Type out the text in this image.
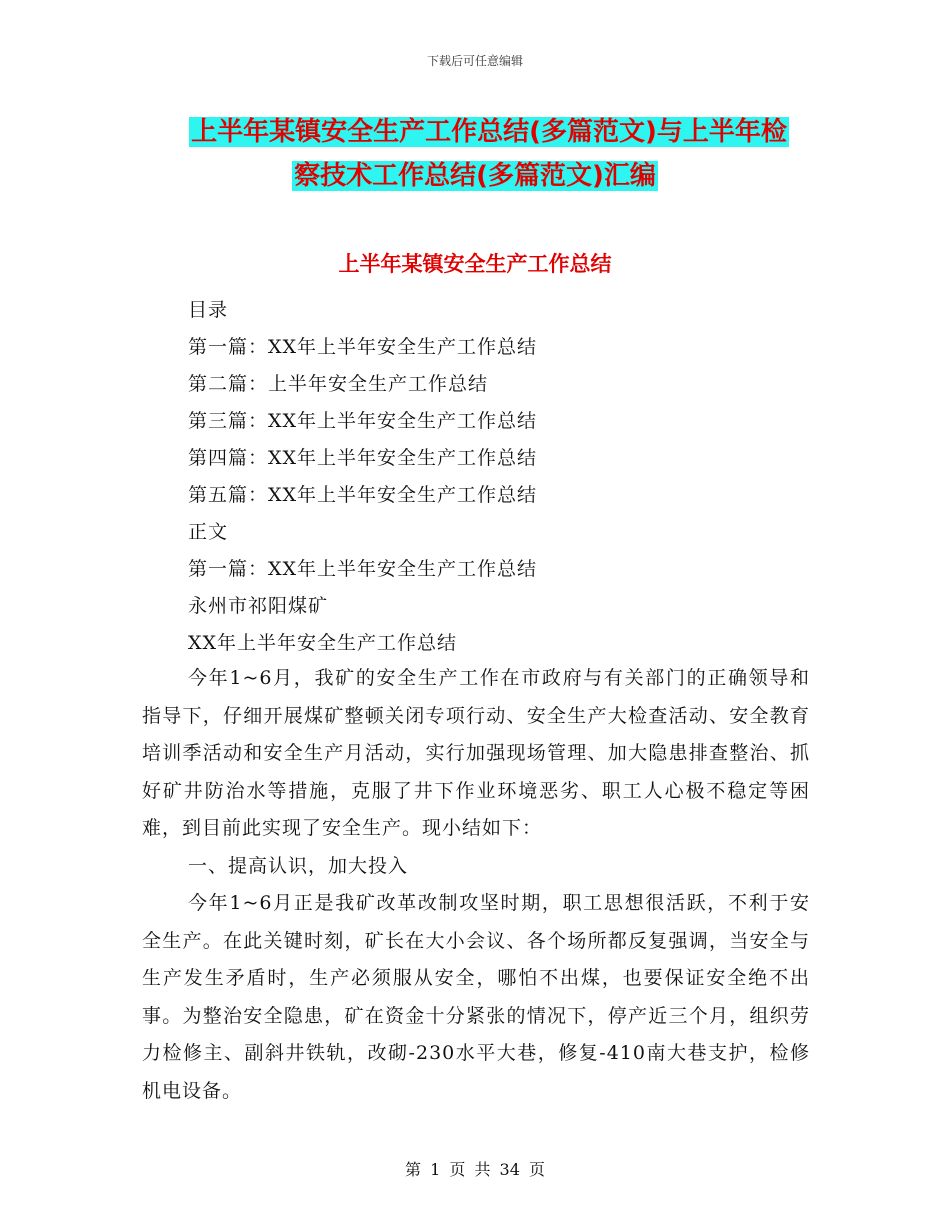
下载后可任意编辑
上半年某镇安全生产工作总结(多篇范文)与上半年检
察技术工作总结(多篇范文)汇编
上半年某镇安全生产工作总结
目录
第一篇：XX年上半年安全生产工作总结
第二篇：上半年安全生产工作总结
第三篇：XX年上半年安全生产工作总结
第四篇：XX年上半年安全生产工作总结
第五篇：XX年上半年安全生产工作总结
正文
第一篇：XX年上半年安全生产工作总结
永州市祁阳煤矿
XX年上半年安全生产工作总结

今年1~6月，我矿的安全生产工作在市政府与有关部门的正确领导和指导下，仔细开展煤矿整顿关闭专项行动、安全生产大检查活动、安全教育培训季活动和安全生产月活动，实行加强现场管理、加大隐患排查整治、抓好矿井防治水等措施，克服了井下作业环境恶劣、职工人心极不稳定等困难，到目前此实现了安全生产。现小结如下：

一、提高认识，加大投入

今年1~6月正是我矿改革改制攻坚时期，职工思想很活跃，不利于安全生产。在此关键时刻，矿长在大小会议、各个场所都反复强调，当安全与生产发生矛盾时，生产必须服从安全，哪怕不出煤，也要保证安全绝不出事。为整治安全隐患，矿在资金十分紧张的情况下，停产近三个月，组织劳力检修主、副斜井铁轨，改砌-230水平大巷，修复-410南大巷支护，检修机电设备。

第 1 页 共 34 页
